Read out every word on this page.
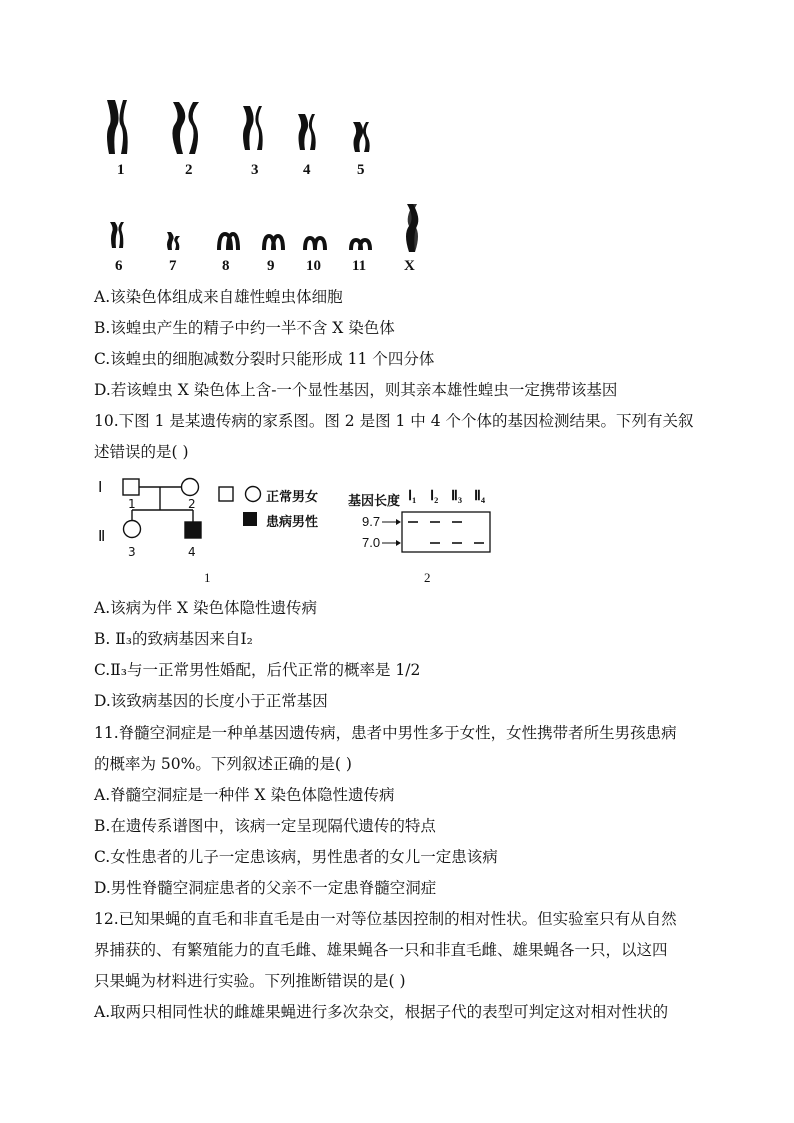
1	2	3	4	5
6	7	8	9 10 11	X
A.该染色体组成来自雄性蝗虫体细胞
B.该蝗虫产生的精子中约一半不含 X 染色体
C.该蝗虫的细胞减数分裂时只能形成 11 个四分体
D.若该蝗虫 X 染色体上含-一个显性基因，则其亲本雄性蝗虫一定携带该基因
10.下图 1 是某遗传病的家系图。图 2 是图 1 中 4 个个体的基因检测结果。下列有关叙
述错误的是( )
Ⅰ
Ⅱ
1	2
3	4
正常男女
患病男性
1
基因长度 Ⅰ₁ Ⅰ₂ Ⅱ₃ Ⅱ₄
9.7
7.0
2
A.该病为伴 X 染色体隐性遗传病
B. Ⅱ₃的致病基因来自Ⅰ₂
C.Ⅱ₃与一正常男性婚配，后代正常的概率是 1/2
D.该致病基因的长度小于正常基因
11.脊髓空洞症是一种单基因遗传病，患者中男性多于女性，女性携带者所生男孩患病
的概率为 50%。下列叙述正确的是( )
A.脊髓空洞症是一种伴 X 染色体隐性遗传病
B.在遗传系谱图中，该病一定呈现隔代遗传的特点
C.女性患者的儿子一定患该病，男性患者的女儿一定患该病
D.男性脊髓空洞症患者的父亲不一定患脊髓空洞症
12.已知果蝇的直毛和非直毛是由一对等位基因控制的相对性状。但实验室只有从自然
界捕获的、有繁殖能力的直毛雌、雄果蝇各一只和非直毛雌、雄果蝇各一只，以这四
只果蝇为材料进行实验。下列推断错误的是( )
A.取两只相同性状的雌雄果蝇进行多次杂交，根据子代的表型可判定这对相对性状的
